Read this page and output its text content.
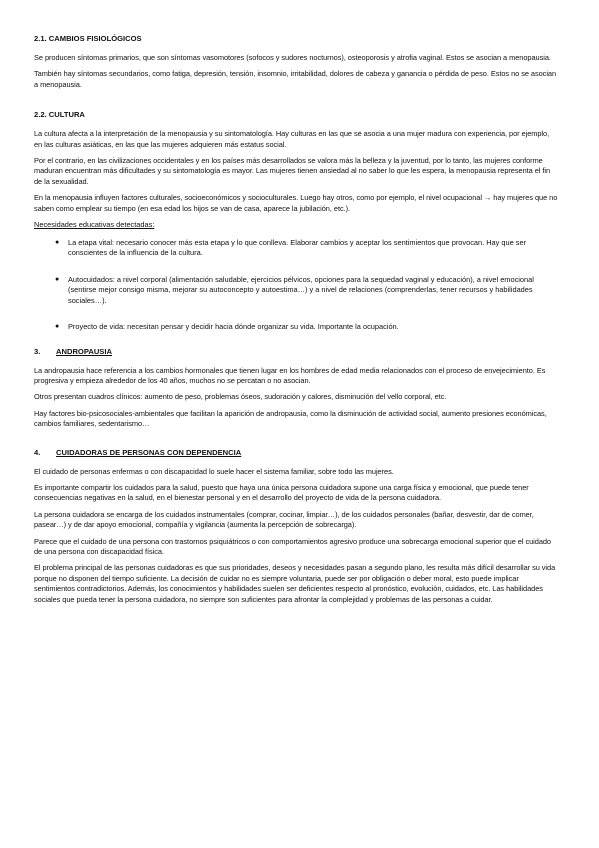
2.1. CAMBIOS FISIOLÓGICOS

Se producen síntomas primarios, que son síntomas vasomotores (sofocos y sudores nocturnos), osteoporosis y atrofia vaginal. Estos se asocian a menopausia.

También hay síntomas secundarios, como fatiga, depresión, tensión, insomnio, irritabilidad, dolores de cabeza y ganancia o pérdida de peso. Estos no se asocian a menopausia.

2.2. CULTURA

La cultura afecta a la interpretación de la menopausia y su sintomatología. Hay culturas en las que se asocia a una mujer madura con experiencia, por ejemplo, en las culturas asiáticas, en las que las mujeres adquieren más estatus social.

Por el contrario, en las civilizaciones occidentales y en los países más desarrollados se valora más la belleza y la juventud, por lo tanto, las mujeres conforme maduran encuentran más dificultades y su sintomatología es mayor. Las mujeres tienen ansiedad al no saber lo que les espera, la menopausia representa el fin de la sexualidad.

En la menopausia influyen factores culturales, socioeconómicos y socioculturales. Luego hay otros, como por ejemplo, el nivel ocupacional → hay mujeres que no saben como emplear su tiempo (en esa edad los hijos se van de casa, aparece la jubilación, etc.).

Necesidades educativas detectadas:
● La etapa vital: necesario conocer más esta etapa y lo que conlleva. Elaborar cambios y aceptar los sentimientos que provocan. Hay que ser conscientes de la influencia de la cultura.
● Autocuidados: a nivel corporal (alimentación saludable, ejercicios pélvicos, opciones para la sequedad vaginal y educación), a nivel emocional (sentirse mejor consigo misma, mejorar su autoconcepto y autoestima…) y a nivel de relaciones (comprenderlas, tener recursos y habilidades sociales…).
● Proyecto de vida: necesitan pensar y decidir hacia dónde organizar su vida. Importante la ocupación.
3. ANDROPAUSIA

La andropausia hace referencia a los cambios hormonales que tienen lugar en los hombres de edad media relacionados con el proceso de envejecimiento. Es progresiva y empieza alrededor de los 40 años, muchos no se percatan o no asocian.

Otros presentan cuadros clínicos: aumento de peso, problemas óseos, sudoración y calores, disminución del vello corporal, etc.

Hay factores bio-psicosociales-ambientales que facilitan la aparición de andropausia, como la disminución de actividad social, aumento presiones económicas, cambios familiares, sedentarismo…

4. CUIDADORAS DE PERSONAS CON DEPENDENCIA

El cuidado de personas enfermas o con discapacidad lo suele hacer el sistema familiar, sobre todo las mujeres.

Es importante compartir los cuidados para la salud, puesto que haya una única persona cuidadora supone una carga física y emocional, que puede tener consecuencias negativas en la salud, en el bienestar personal y en el desarrollo del proyecto de vida de la persona cuidadora.

La persona cuidadora se encarga de los cuidados instrumentales (comprar, cocinar, limpiar…), de los cuidados personales (bañar, desvestir, dar de comer, pasear…) y de dar apoyo emocional, compañía y vigilancia (aumenta la percepción de sobrecarga).

Parece que el cuidado de una persona con trastornos psiquiátricos o con comportamientos agresivo produce una sobrecarga emocional superior que el cuidado de una persona con discapacidad física.

El problema principal de las personas cuidadoras es que sus prioridades, deseos y necesidades pasan a segundo plano, les resulta más difícil desarrollar su vida porque no disponen del tiempo suficiente. La decisión de cuidar no es siempre voluntaria, puede ser por obligación o deber moral, esto puede implicar sentimientos contradictorios. Además, los conocimientos y habilidades suelen ser deficientes respecto al pronóstico, evolución, cuidados, etc. Las habilidades sociales que pueda tener la persona cuidadora, no siempre son suficientes para afrontar la complejidad y problemas de las personas a cuidar.
